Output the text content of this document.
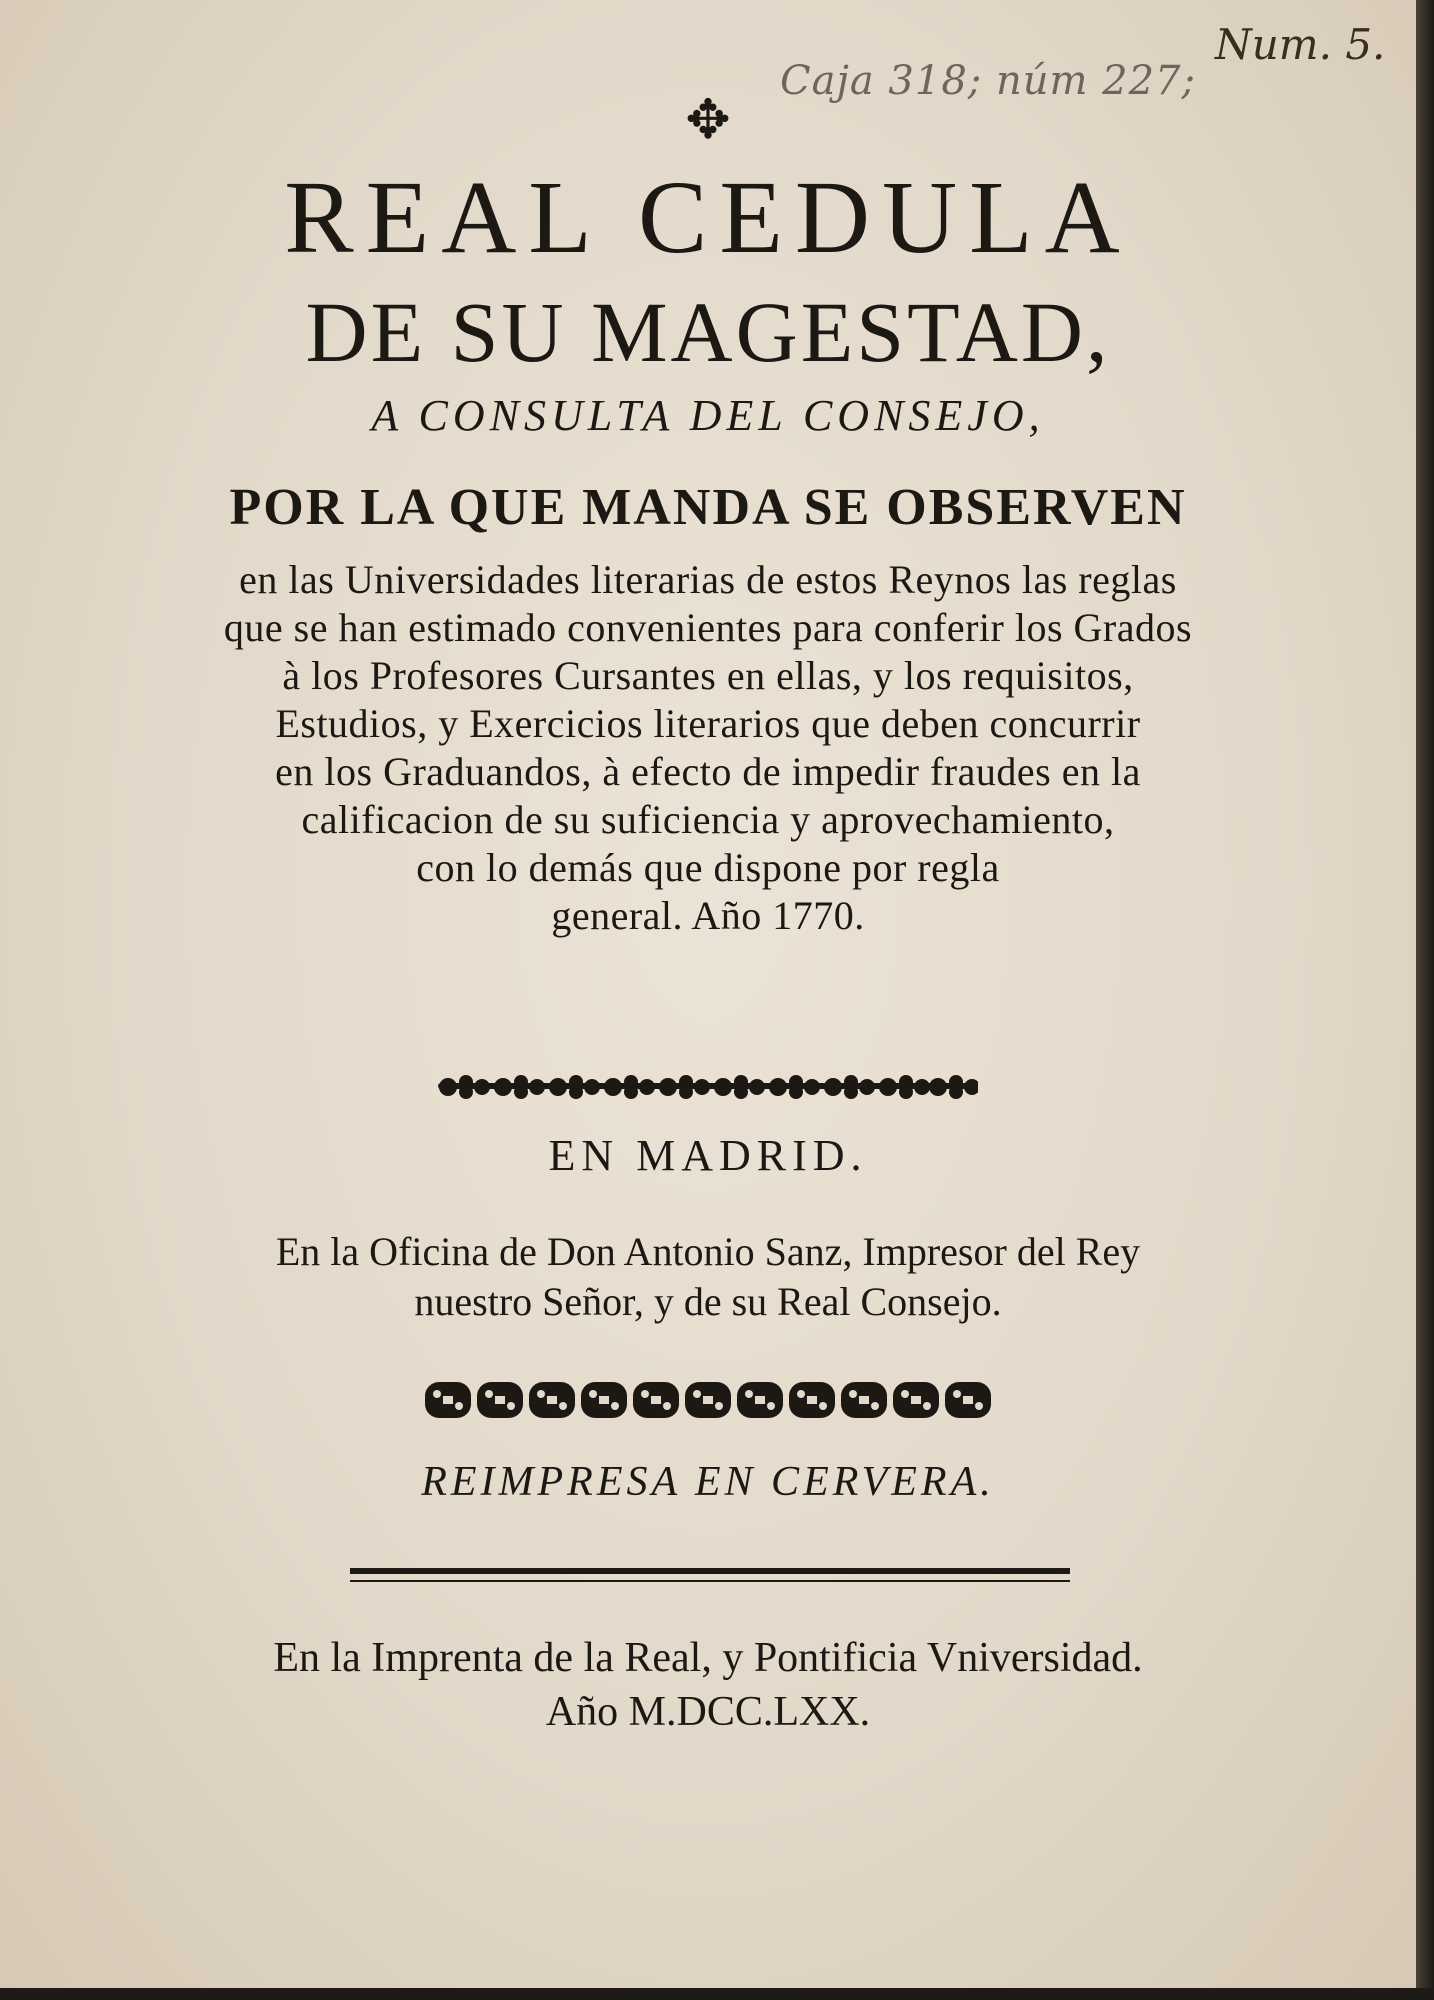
Caja 318; núm 227;
Num. 5.
✥
REAL CEDULA
DE SU MAGESTAD,
A CONSULTA DEL CONSEJO,
POR LA QUE MANDA SE OBSERVEN
en las Universidades literarias de estos Reynos las reglas
que se han estimado convenientes para conferir los Grados
à los Profesores Cursantes en ellas, y los requisitos,
Estudios, y Exercicios literarios que deben concurrir
en los Graduandos, à efecto de impedir fraudes en la
calificacion de su suficiencia y aprovechamiento,
con lo demás que dispone por regla
general. Año 1770.
EN MADRID.
En la Oficina de Don Antonio Sanz, Impresor del Rey
nuestro Señor, y de su Real Consejo.
REIMPRESA EN CERVERA.
En la Imprenta de la Real, y Pontificia Vniversidad.
Año M.DCC.LXX.
